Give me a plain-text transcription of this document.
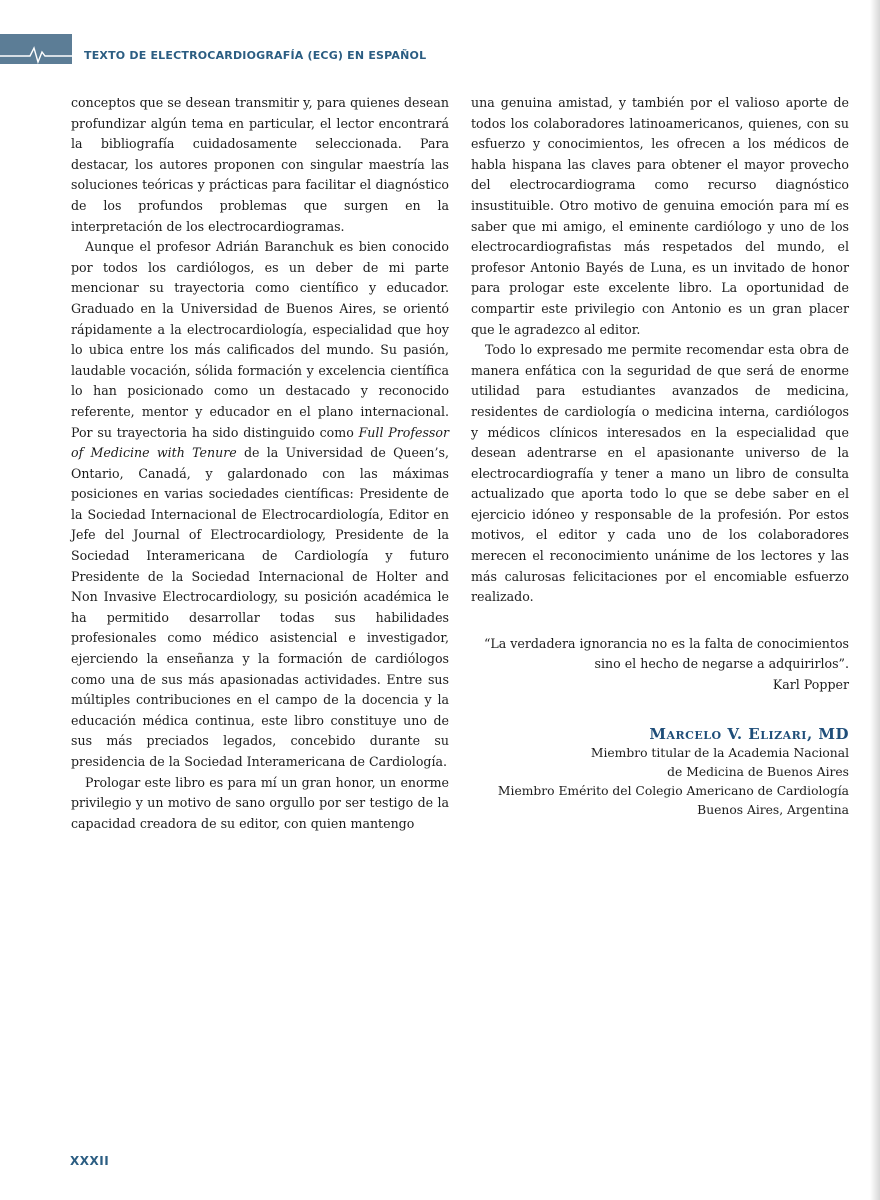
TEXTO DE ELECTROCARDIOGRAFÍA (ECG) EN ESPAÑOL

conceptos que se desean transmitir y, para quienes desean profundizar algún tema en particular, el lector encontrará la bibliografía cuidadosamente seleccionada. Para destacar, los autores proponen con singular maestría las soluciones teóricas y prácticas para facilitar el diagnóstico de los profundos problemas que surgen en la interpretación de los electrocardiogramas.

Aunque el profesor Adrián Baranchuk es bien conocido por todos los cardiólogos, es un deber de mi parte mencionar su trayectoria como científico y educador. Graduado en la Universidad de Buenos Aires, se orientó rápidamente a la electrocardiología, especialidad que hoy lo ubica entre los más calificados del mundo. Su pasión, laudable vocación, sólida formación y excelencia científica lo han posicionado como un destacado y reconocido referente, mentor y educador en el plano internacional. Por su trayectoria ha sido distinguido como Full Professor of Medicine with Tenure de la Universidad de Queen’s, Ontario, Canadá, y galardonado con las máximas posiciones en varias sociedades científicas: Presidente de la Sociedad Internacional de Electrocardiología, Editor en Jefe del Journal of Electrocardiology, Presidente de la Sociedad Interamericana de Cardiología y futuro Presidente de la Sociedad Internacional de Holter and Non Invasive Electrocardiology, su posición académica le ha permitido desarrollar todas sus habilidades profesionales como médico asistencial e investigador, ejerciendo la enseñanza y la formación de cardiólogos como una de sus más apasionadas actividades. Entre sus múltiples contribuciones en el campo de la docencia y la educación médica continua, este libro constituye uno de sus más preciados legados, concebido durante su presidencia de la Sociedad Interamericana de Cardiología.

Prologar este libro es para mí un gran honor, un enorme privilegio y un motivo de sano orgullo por ser testigo de la capacidad creadora de su editor, con quien mantengo

una genuina amistad, y también por el valioso aporte de todos los colaboradores latinoamericanos, quienes, con su esfuerzo y conocimientos, les ofrecen a los médicos de habla hispana las claves para obtener el mayor provecho del electrocardiograma como recurso diagnóstico insustituible. Otro motivo de genuina emoción para mí es saber que mi amigo, el eminente cardiólogo y uno de los electrocardiografistas más respetados del mundo, el profesor Antonio Bayés de Luna, es un invitado de honor para prologar este excelente libro. La oportunidad de compartir este privilegio con Antonio es un gran placer que le agradezco al editor.

Todo lo expresado me permite recomendar esta obra de manera enfática con la seguridad de que será de enorme utilidad para estudiantes avanzados de medicina, residentes de cardiología o medicina interna, cardiólogos y médicos clínicos interesados en la especialidad que desean adentrarse en el apasionante universo de la electrocardiografía y tener a mano un libro de consulta actualizado que aporta todo lo que se debe saber en el ejercicio idóneo y responsable de la profesión. Por estos motivos, el editor y cada uno de los colaboradores merecen el reconocimiento unánime de los lectores y las más calurosas felicitaciones por el encomiable esfuerzo realizado.

“La verdadera ignorancia no es la falta de conocimientos
sino el hecho de negarse a adquirirlos”.
Karl Popper
Marcelo V. Elizari, MD
Miembro titular de la Academia Nacional
de Medicina de Buenos Aires
Miembro Emérito del Colegio Americano de Cardiología
Buenos Aires, Argentina
XXXII
